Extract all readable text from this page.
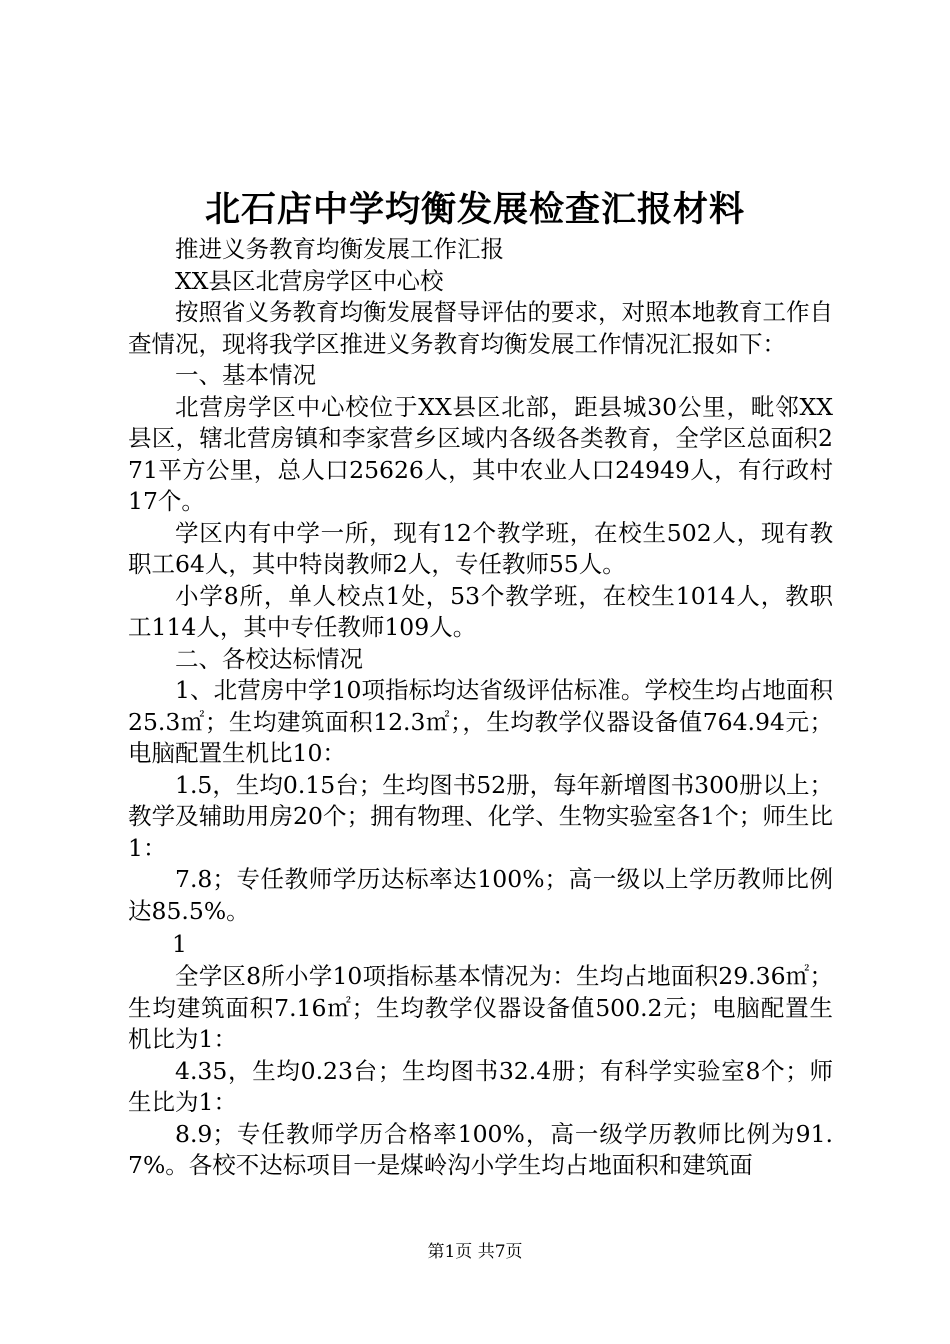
北石店中学均衡发展检查汇报材料

推进义务教育均衡发展工作汇报

XX县区北营房学区中心校

按照省义务教育均衡发展督导评估的要求，对照本地教育工作自查情况，现将我学区推进义务教育均衡发展工作情况汇报如下：

一、基本情况

北营房学区中心校位于XX县区北部，距县城30公里，毗邻XX县区，辖北营房镇和李家营乡区域内各级各类教育，全学区总面积271平方公里，总人口25626人，其中农业人口24949人，有行政村17个。

学区内有中学一所，现有12个教学班，在校生502人，现有教职工64人，其中特岗教师2人，专任教师55人。

小学8所，单人校点1处，53个教学班，在校生1014人，教职工114人，其中专任教师109人。

二、各校达标情况

1、北营房中学10项指标均达省级评估标准。学校生均占地面积25.3㎡；生均建筑面积12.3㎡；，生均教学仪器设备值764.94元；电脑配置生机比10：

1.5，生均0.15台；生均图书52册，每年新增图书300册以上；教学及辅助用房20个；拥有物理、化学、生物实验室各1个；师生比1：

7.8；专任教师学历达标率达100%；高一级以上学历教师比例达85.5%。

1

全学区8所小学10项指标基本情况为：生均占地面积29.36㎡；生均建筑面积7.16㎡；生均教学仪器设备值500.2元；电脑配置生机比为1：

4.35，生均0.23台；生均图书32.4册；有科学实验室8个；师生比为1：

8.9；专任教师学历合格率100%，高一级学历教师比例为91.7%。各校不达标项目一是煤岭沟小学生均占地面积和建筑面

第1页 共7页
